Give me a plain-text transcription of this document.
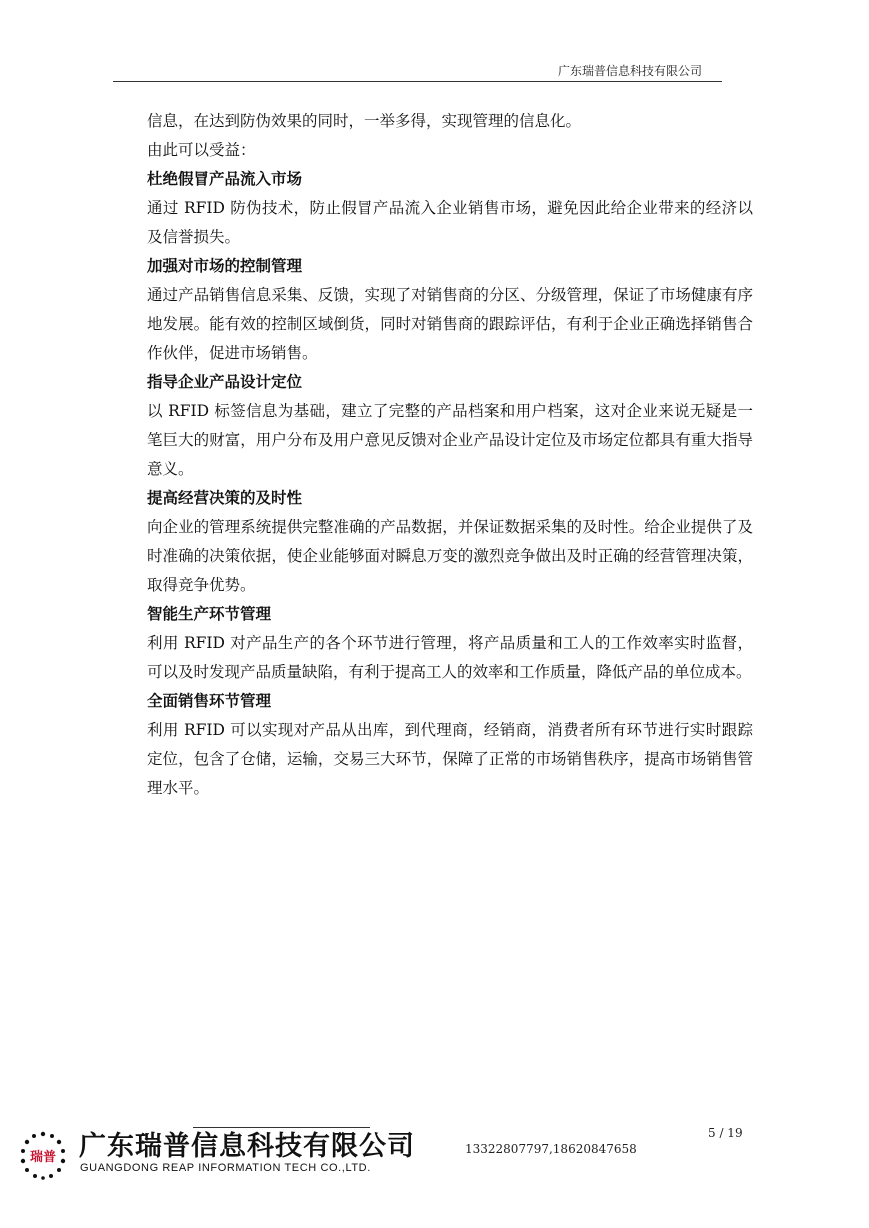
广东瑞普信息科技有限公司

信息，在达到防伪效果的同时，一举多得，实现管理的信息化。

由此可以受益：

杜绝假冒产品流入市场

通过 RFID 防伪技术，防止假冒产品流入企业销售市场，避免因此给企业带来的经济以及信誉损失。

加强对市场的控制管理

通过产品销售信息采集、反馈，实现了对销售商的分区、分级管理，保证了市场健康有序地发展。能有效的控制区域倒货，同时对销售商的跟踪评估，有利于企业正确选择销售合作伙伴，促进市场销售。

指导企业产品设计定位

以 RFID 标签信息为基础，建立了完整的产品档案和用户档案，这对企业来说无疑是一笔巨大的财富，用户分布及用户意见反馈对企业产品设计定位及市场定位都具有重大指导意义。

提高经营决策的及时性

向企业的管理系统提供完整准确的产品数据，并保证数据采集的及时性。给企业提供了及时准确的决策依据，使企业能够面对瞬息万变的激烈竞争做出及时正确的经营管理决策，取得竞争优势。

智能生产环节管理

利用 RFID 对产品生产的各个环节进行管理，将产品质量和工人的工作效率实时监督，可以及时发现产品质量缺陷，有利于提高工人的效率和工作质量，降低产品的单位成本。

全面销售环节管理

利用 RFID 可以实现对产品从出库，到代理商，经销商，消费者所有环节进行实时跟踪定位，包含了仓储，运输，交易三大环节，保障了正常的市场销售秩序，提高市场销售管理水平。

5 / 19
13322807797,18620847658
瑞普 广东瑞普信息科技有限公司
GUANGDONG REAP INFORMATION TECH CO.,LTD.
